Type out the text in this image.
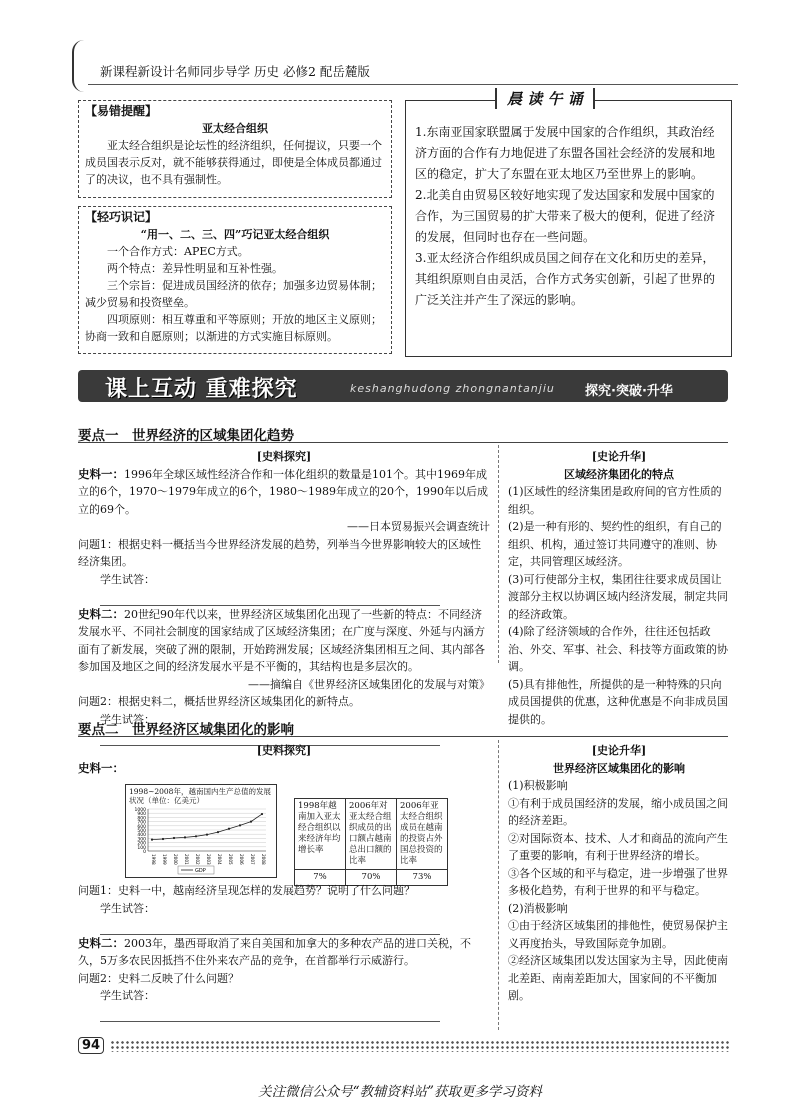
新课程新设计名师同步导学 历史 必修2 配岳麓版
【易错提醒】
亚太经合组织
亚太经合组织是论坛性的经济组织，任何提议，只要一个成员国表示反对，就不能够获得通过，即使是全体成员都通过了的决议，也不具有强制性。
【轻巧识记】
“用一、二、三、四”巧记亚太经合组织
一个合作方式：APEC方式。
两个特点：差异性明显和互补性强。
三个宗旨：促进成员国经济的依存；加强多边贸易体制；减少贸易和投资壁垒。
四项原则：相互尊重和平等原则；开放的地区主义原则；协商一致和自愿原则；以渐进的方式实施目标原则。
晨 读 午 诵
1.东南亚国家联盟属于发展中国家的合作组织，其政治经济方面的合作有力地促进了东盟各国社会经济的发展和地区的稳定，扩大了东盟在亚太地区乃至世界上的影响。
2.北美自由贸易区较好地实现了发达国家和发展中国家的合作，为三国贸易的扩大带来了极大的便利，促进了经济的发展，但同时也存在一些问题。
3.亚太经济合作组织成员国之间存在文化和历史的差异，其组织原则自由灵活，合作方式务实创新，引起了世界的广泛关注并产生了深远的影响。
课上互动 重难探究	keshanghudong zhongnantanjiu 探究·突破·升华
要点一　世界经济的区域集团化趋势
[史料探究]
史料一：1996年全球区域性经济合作和一体化组织的数量是101个。其中1969年成立的6个，1970～1979年成立的6个，1980～1989年成立的20个，1990年以后成立的69个。
——日本贸易振兴会调查统计
问题1：根据史料一概括当今世界经济发展的趋势，列举当今世界影响较大的区域性经济集团。
学生试答：
史料二：20世纪90年代以来，世界经济区域集团化出现了一些新的特点：不同经济发展水平、不同社会制度的国家结成了区域经济集团；在广度与深度、外延与内涵方面有了新发展，突破了洲的限制，开始跨洲发展；区域经济集团相互之间、其内部各参加国及地区之间的经济发展水平是不平衡的，其结构也是多层次的。
——摘编自《世界经济区域集团化的发展与对策》
问题2：根据史料二，概括世界经济区域集团化的新特点。
学生试答：
[史论升华]
区域经济集团化的特点
(1)区域性的经济集团是政府间的官方性质的组织。
(2)是一种有形的、契约性的组织，有自己的组织、机构，通过签订共同遵守的准则、协定，共同管理区域经济。
(3)可行使部分主权，集团往往要求成员国让渡部分主权以协调区域内经济发展，制定共同的经济政策。
(4)除了经济领域的合作外，往往还包括政治、外交、军事、社会、科技等方面政策的协调。
(5)具有排他性，所提供的是一种特殊的只向成员国提供的优惠，这种优惠是不向非成员国提供的。
要点二　世界经济区域集团化的影响
[史料探究]
史料一：
1998~2008年，越南国内生产总值的发展状况（单位：亿美元）
0
100
200
300
400
500
600
700
800
900
1000
1998 1999 2000 2001 2002 2003 2004 2005 2006 2007 2008
GDP
1998年越南加入亚太经合组织以来经济年均增长率	2006年对亚太经合组织成员的出口额占越南总出口额的比率	2006年亚太经合组织成员在越南的投资占外国总投资的比率
7%	70%	73%
问题1：史料一中，越南经济呈现怎样的发展趋势？说明了什么问题？
学生试答：
史料二：2003年，墨西哥取消了来自美国和加拿大的多种农产品的进口关税，不久，5万多农民因抵挡不住外来农产品的竞争，在首都举行示威游行。
问题2：史料二反映了什么问题？
学生试答：
[史论升华]
世界经济区域集团化的影响
(1)积极影响
①有利于成员国经济的发展，缩小成员国之间的经济差距。
②对国际资本、技术、人才和商品的流向产生了重要的影响，有利于世界经济的增长。
③各个区域的和平与稳定，进一步增强了世界多极化趋势，有利于世界的和平与稳定。
(2)消极影响
①由于经济区域集团的排他性，使贸易保护主义再度抬头，导致国际竞争加剧。
②经济区域集团以发达国家为主导，因此使南北差距、南南差距加大，国家间的不平衡加剧。
94
关注微信公众号“教辅资料站”获取更多学习资料
